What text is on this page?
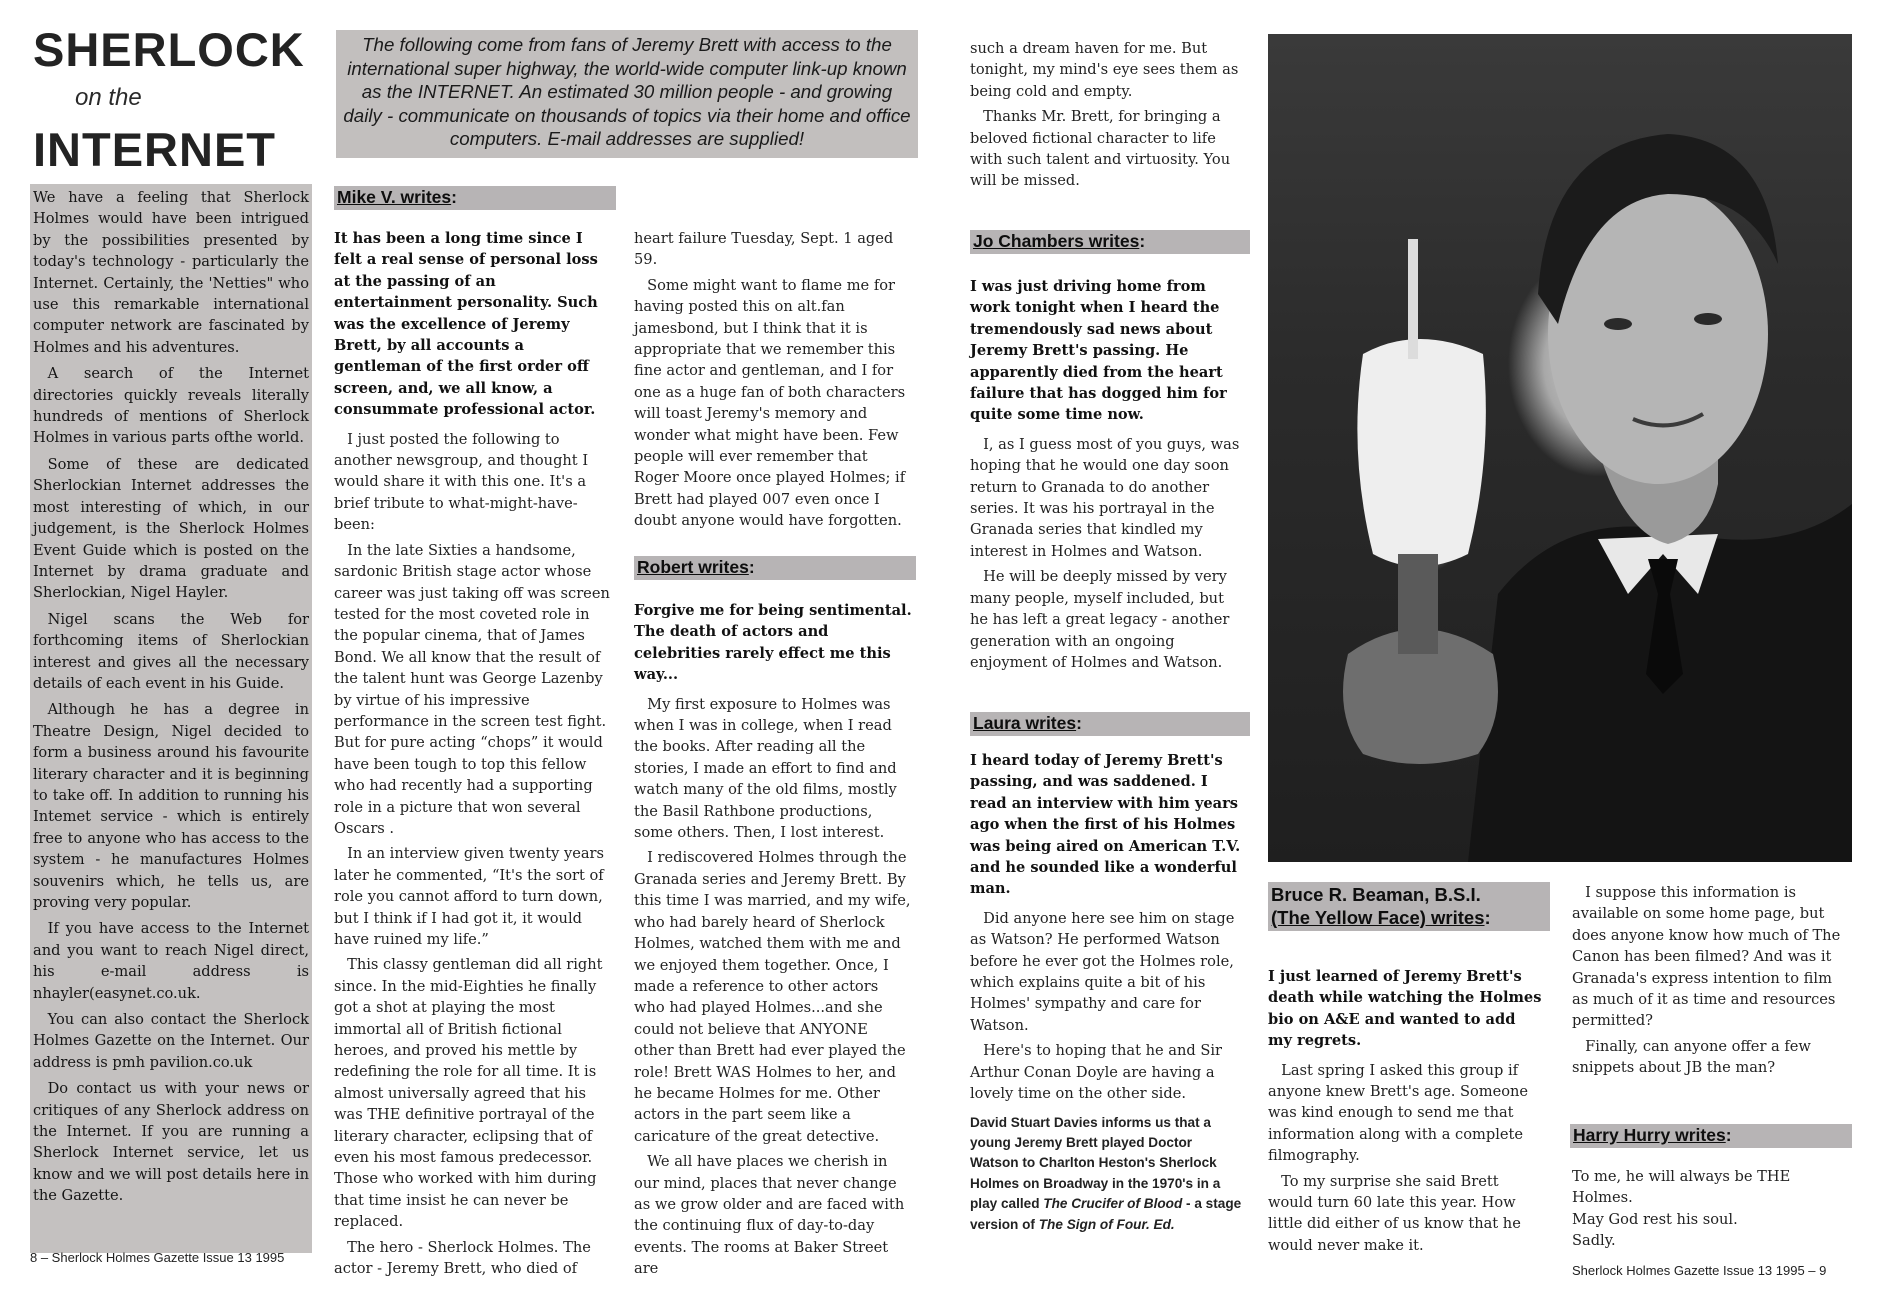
SHERLOCK
on the
INTERNET

We have a feeling that Sherlock Holmes would have been intrigued by the possibilities presented by today's technology - particularly the Internet. Certainly, the 'Netties" who use this remarkable international computer network are fascinated by Holmes and his adventures.

A search of the Internet directories quickly reveals literally hundreds of mentions of Sherlock Holmes in various parts ofthe world.

Some of these are dedicated Sherlockian Internet addresses the most interesting of which, in our judgement, is the Sherlock Holmes Event Guide which is posted on the Internet by drama graduate and Sherlockian, Nigel Hayler.

Nigel scans the Web for forthcoming items of Sherlockian interest and gives all the necessary details of each event in his Guide.

Although he has a degree in Theatre Design, Nigel decided to form a business around his favourite literary character and it is beginning to take off. In addition to running his Intemet service - which is entirely free to anyone who has access to the system - he manufactures Holmes souvenirs which, he tells us, are proving very popular.

If you have access to the Internet and you want to reach Nigel direct, his e-mail address is nhayler(easynet.co.uk.

You can also contact the Sherlock Holmes Gazette on the Internet. Our address is pmh pavilion.co.uk

Do contact us with your news or critiques of any Sherlock address on the Internet. If you are running a Sherlock Internet service, let us know and we will post details here in the Gazette.

The following come from fans of Jeremy Brett with access to the international super highway, the world-wide computer link-up known as the INTERNET. An estimated 30 million people - and growing daily - communicate on thousands of topics via their home and office computers. E-mail addresses are supplied!
Mike V. writes:

It has been a long time since I felt a real sense of personal loss at the passing of an entertainment personality. Such was the excellence of Jeremy Brett, by all accounts a gentleman of the first order off screen, and, we all know, a consummate professional actor.

I just posted the following to another newsgroup, and thought I would share it with this one. It's a brief tribute to what-might-have-been:

In the late Sixties a handsome, sardonic British stage actor whose career was just taking off was screen tested for the most coveted role in the popular cinema, that of James Bond. We all know that the result of the talent hunt was George Lazenby by virtue of his impressive performance in the screen test fight. But for pure acting “chops” it would have been tough to top this fellow who had recently had a supporting role in a picture that won several Oscars .

In an interview given twenty years later he commented, “It's the sort of role you cannot afford to turn down, but I think if I had got it, it would have ruined my life.”

This classy gentleman did all right since. In the mid-Eighties he finally got a shot at playing the most immortal all of British fictional heroes, and proved his mettle by redefining the role for all time. It is almost universally agreed that his was THE definitive portrayal of the literary character, eclipsing that of even his most famous predecessor. Those who worked with him during that time insist he can never be replaced.

The hero - Sherlock Holmes. The actor - Jeremy Brett, who died of

heart failure Tuesday, Sept. 1 aged 59.

Some might want to flame me for having posted this on alt.fan jamesbond, but I think that it is appropriate that we remember this fine actor and gentleman, and I for one as a huge fan of both characters will toast Jeremy's memory and wonder what might have been. Few people will ever remember that Roger Moore once played Holmes; if Brett had played 007 even once I doubt anyone would have forgotten.

Robert writes:

Forgive me for being sentimental. The death of actors and celebrities rarely effect me this way...

My first exposure to Holmes was when I was in college, when I read the books. After reading all the stories, I made an effort to find and watch many of the old films, mostly the Basil Rathbone productions, some others. Then, I lost interest.

I rediscovered Holmes through the Granada series and Jeremy Brett. By this time I was married, and my wife, who had barely heard of Sherlock Holmes, watched them with me and we enjoyed them together. Once, I made a reference to other actors who had played Holmes...and she could not believe that ANYONE other than Brett had ever played the role! Brett WAS Holmes to her, and he became Holmes for me. Other actors in the part seem like a caricature of the great detective.

We all have places we cherish in our mind, places that never change as we grow older and are faced with the continuing flux of day-to-day events. The rooms at Baker Street are

such a dream haven for me. But tonight, my mind's eye sees them as being cold and empty.

Thanks Mr. Brett, for bringing a beloved fictional character to life with such talent and virtuosity. You will be missed.

Jo Chambers writes:

I was just driving home from work tonight when I heard the tremendously sad news about Jeremy Brett's passing. He apparently died from the heart failure that has dogged him for quite some time now.

I, as I guess most of you guys, was hoping that he would one day soon return to Granada to do another series. It was his portrayal in the Granada series that kindled my interest in Holmes and Watson.

He will be deeply missed by very many people, myself included, but he has left a great legacy - another generation with an ongoing enjoyment of Holmes and Watson.

Laura writes:

I heard today of Jeremy Brett's passing, and was saddened. I read an interview with him years ago when the first of his Holmes was being aired on American T.V. and he sounded like a wonderful man.

Did anyone here see him on stage as Watson? He performed Watson before he ever got the Holmes role, which explains quite a bit of his Holmes' sympathy and care for Watson.

Here's to hoping that he and Sir Arthur Conan Doyle are having a lovely time on the other side.

David Stuart Davies informs us that a young Jeremy Brett played Doctor Watson to Charlton Heston's Sherlock Holmes on Broadway in the 1970's in a play called The Crucifer of Blood - a stage version of The Sign of Four. Ed.

Bruce R. Beaman, B.S.I.
(The Yellow Face) writes:

I just learned of Jeremy Brett's death while watching the Holmes bio on A&E and wanted to add my regrets.

Last spring I asked this group if anyone knew Brett's age. Someone was kind enough to send me that information along with a complete filmography.

To my surprise she said Brett would turn 60 late this year. How little did either of us know that he would never make it.

I suppose this information is available on some home page, but does anyone know how much of The Canon has been filmed? And was it Granada's express intention to film as much of it as time and resources permitted?

Finally, can anyone offer a few snippets about JB the man?

Harry Hurry writes:

To me, he will always be THE Holmes.

May God rest his soul.

Sadly.

8 – Sherlock Holmes Gazette Issue 13 1995
Sherlock Holmes Gazette Issue 13 1995 – 9
